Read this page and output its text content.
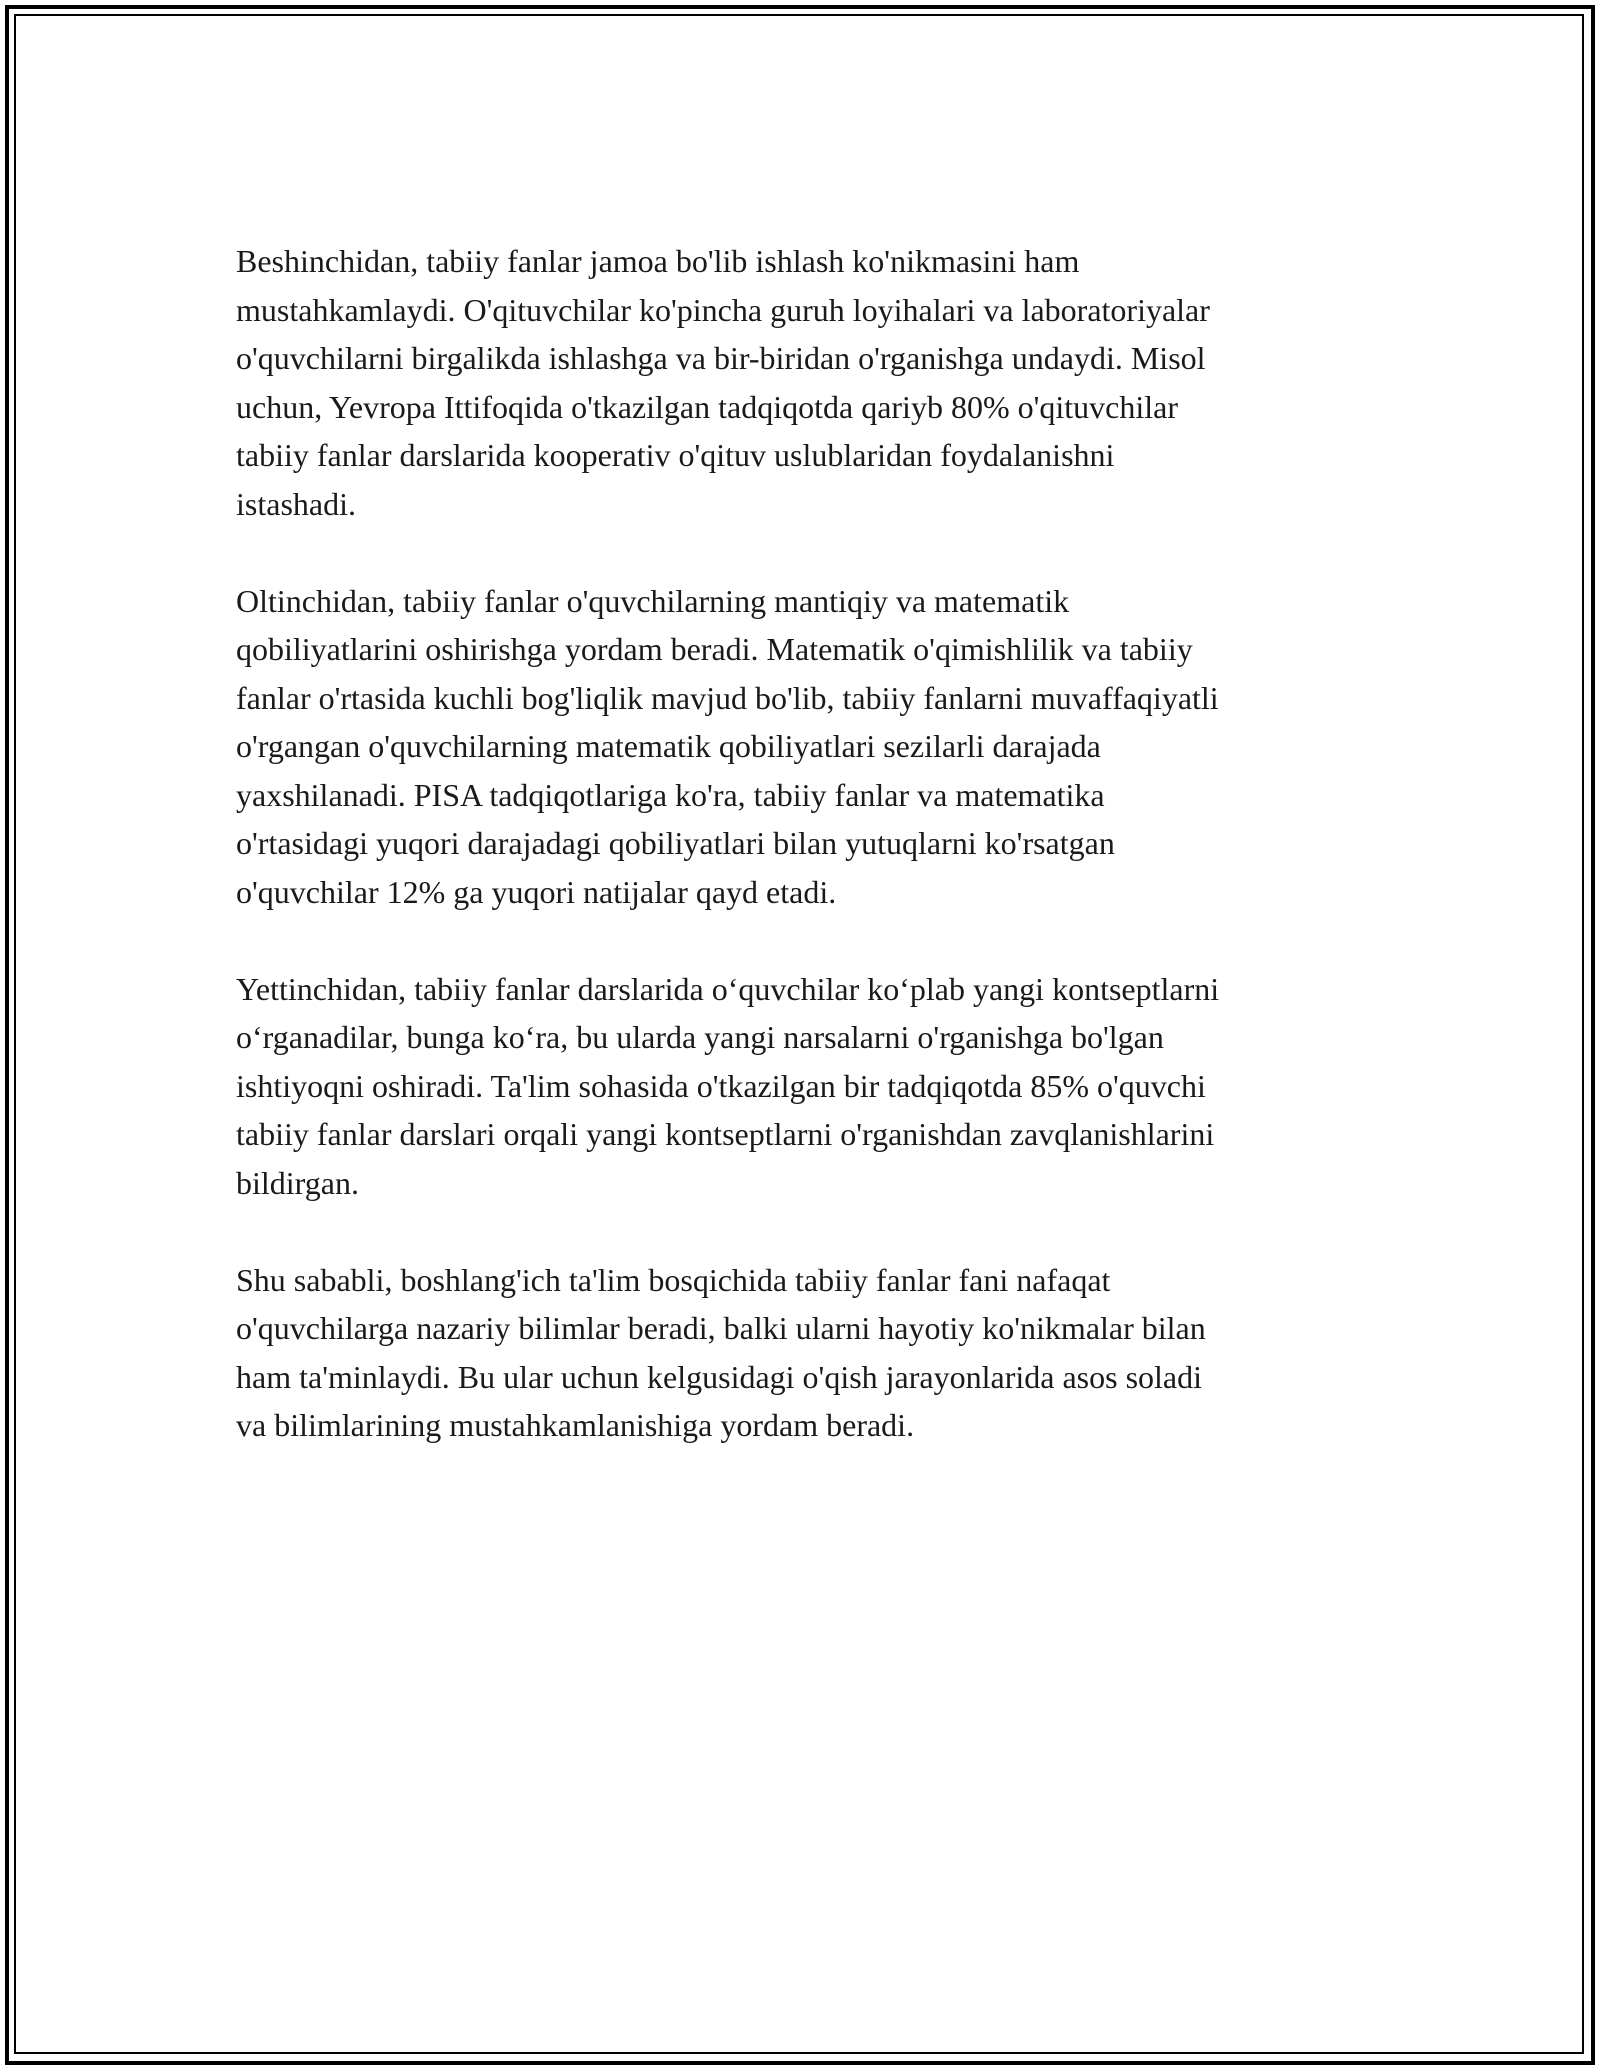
Beshinchidan, tabiiy fanlar jamoa bo'lib ishlash ko'nikmasini ham
mustahkamlaydi. O'qituvchilar ko'pincha guruh loyihalari va laboratoriyalar
o'quvchilarni birgalikda ishlashga va bir-biridan o'rganishga undaydi. Misol
uchun, Yevropa Ittifoqida o'tkazilgan tadqiqotda qariyb 80% o'qituvchilar
tabiiy fanlar darslarida kooperativ o'qituv uslublaridan foydalanishni
istashadi.

Oltinchidan, tabiiy fanlar o'quvchilarning mantiqiy va matematik
qobiliyatlarini oshirishga yordam beradi. Matematik o'qimishlilik va tabiiy
fanlar o'rtasida kuchli bog'liqlik mavjud bo'lib, tabiiy fanlarni muvaffaqiyatli
o'rgangan o'quvchilarning matematik qobiliyatlari sezilarli darajada
yaxshilanadi. PISA tadqiqotlariga ko'ra, tabiiy fanlar va matematika
o'rtasidagi yuqori darajadagi qobiliyatlari bilan yutuqlarni ko'rsatgan
o'quvchilar 12% ga yuqori natijalar qayd etadi.

Yettinchidan, tabiiy fanlar darslarida o‘quvchilar ko‘plab yangi kontseptlarni
o‘rganadilar, bunga ko‘ra, bu ularda yangi narsalarni o'rganishga bo'lgan
ishtiyoqni oshiradi. Ta'lim sohasida o'tkazilgan bir tadqiqotda 85% o'quvchi
tabiiy fanlar darslari orqali yangi kontseptlarni o'rganishdan zavqlanishlarini
bildirgan.

Shu sababli, boshlang'ich ta'lim bosqichida tabiiy fanlar fani nafaqat
o'quvchilarga nazariy bilimlar beradi, balki ularni hayotiy ko'nikmalar bilan
ham ta'minlaydi. Bu ular uchun kelgusidagi o'qish jarayonlarida asos soladi
va bilimlarining mustahkamlanishiga yordam beradi.
